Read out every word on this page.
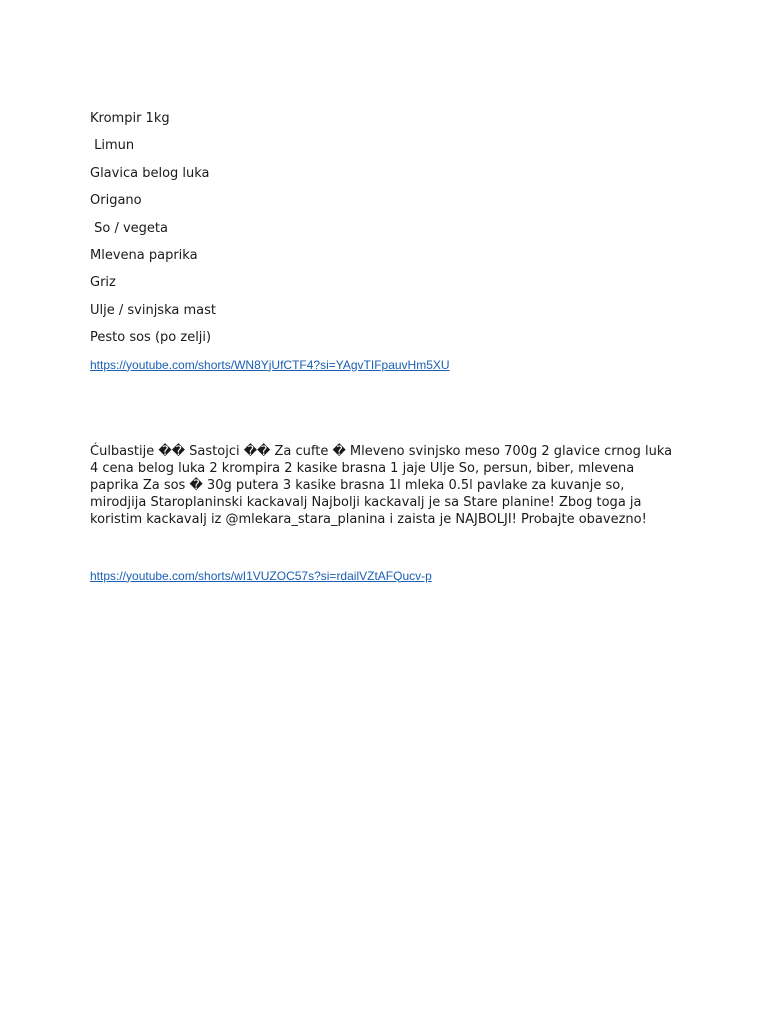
Krompir 1kg
Limun
Glavica belog luka
Origano
So / vegeta
Mlevena paprika
Griz
Ulje / svinjska mast
Pesto sos (po zelji)
https://youtube.com/shorts/WN8YjUfCTF4?si=YAgvTIFpauvHm5XU

Ćulbastije �� Sastojci �� Za cufte � Mleveno svinjsko meso 700g 2 glavice crnog luka 4 cena belog luka 2 krompira 2 kasike brasna 1 jaje Ulje So, persun, biber, mlevena paprika Za sos � 30g putera 3 kasike brasna 1l mleka 0.5l pavlake za kuvanje so, mirodjija Staroplaninski kackavalj Najbolji kackavalj je sa Stare planine! Zbog toga ja koristim kackavalj iz @mlekara_stara_planina i zaista je NAJBOLJI! Probajte obavezno!

https://youtube.com/shorts/wI1VUZOC57s?si=rdailVZtAFQucv-p
